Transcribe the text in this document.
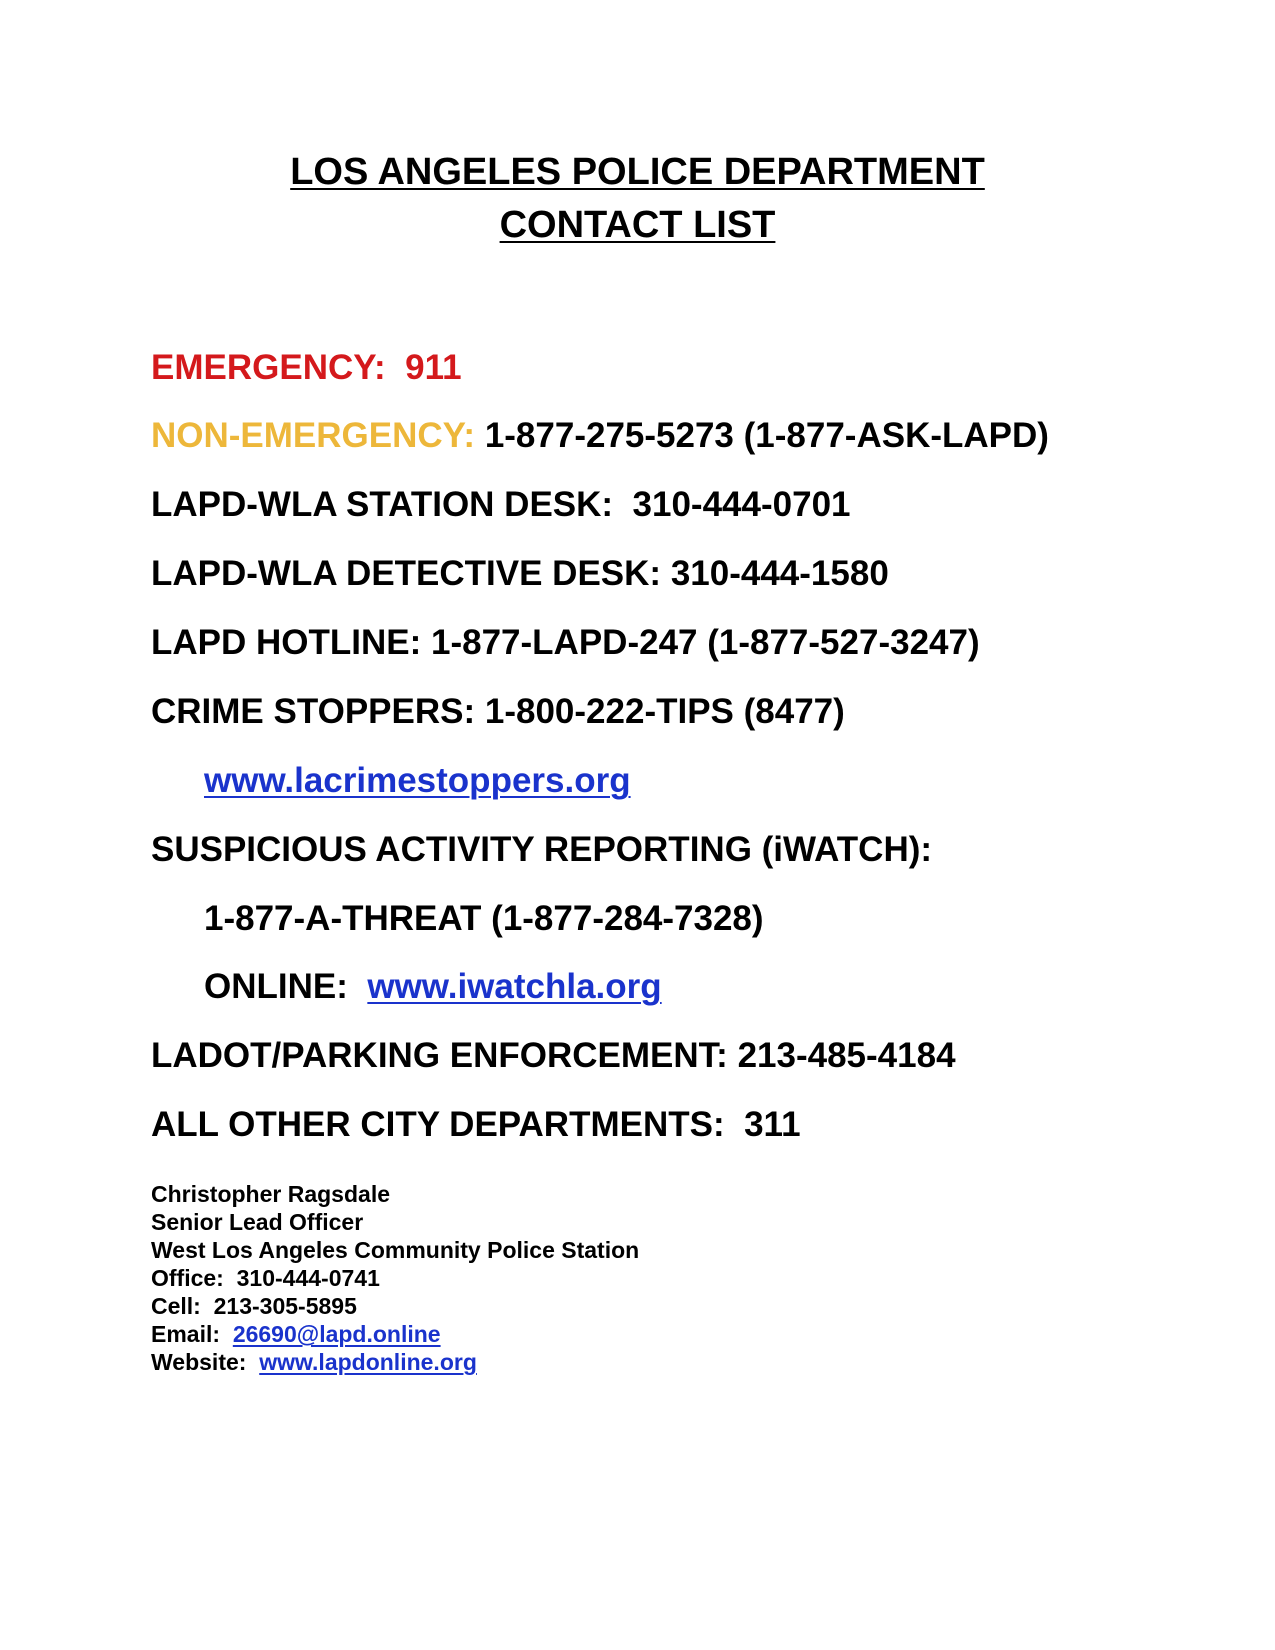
LOS ANGELES POLICE DEPARTMENT
CONTACT LIST
EMERGENCY: 911
NON-EMERGENCY: 1-877-275-5273 (1-877-ASK-LAPD)
LAPD-WLA STATION DESK: 310-444-0701
LAPD-WLA DETECTIVE DESK: 310-444-1580
LAPD HOTLINE: 1-877-LAPD-247 (1-877-527-3247)
CRIME STOPPERS: 1-800-222-TIPS (8477)
www.lacrimestoppers.org
SUSPICIOUS ACTIVITY REPORTING (iWATCH):
1-877-A-THREAT (1-877-284-7328)
ONLINE: www.iwatchla.org
LADOT/PARKING ENFORCEMENT: 213-485-4184
ALL OTHER CITY DEPARTMENTS: 311
Christopher Ragsdale
Senior Lead Officer
West Los Angeles Community Police Station
Office: 310-444-0741
Cell: 213-305-5895
Email: 26690@lapd.online
Website: www.lapdonline.org
